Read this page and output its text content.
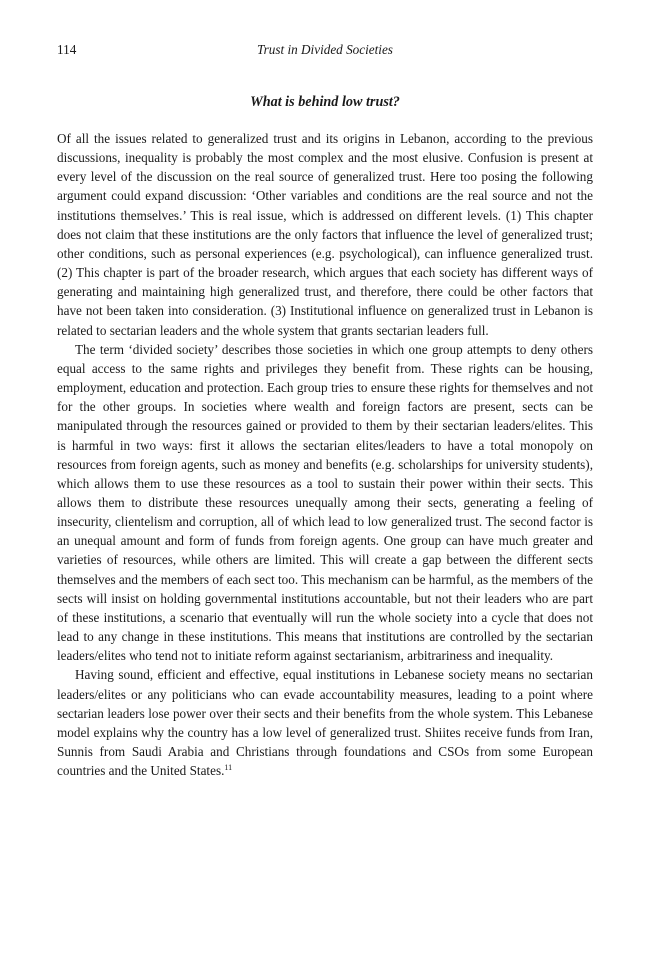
114	Trust in Divided Societies
What is behind low trust?

Of all the issues related to generalized trust and its origins in Lebanon, according to the previous discussions, inequality is probably the most complex and the most elusive. Confusion is present at every level of the discussion on the real source of generalized trust. Here too posing the following argument could expand discussion: ‘Other variables and conditions are the real source and not the institutions themselves.’ This is real issue, which is addressed on different levels. (1) This chapter does not claim that these institutions are the only factors that influence the level of generalized trust; other conditions, such as personal experiences (e.g. psychological), can influence generalized trust. (2) This chapter is part of the broader research, which argues that each society has different ways of generating and maintaining high generalized trust, and therefore, there could be other factors that have not been taken into consideration. (3) Institutional influence on generalized trust in Lebanon is related to sectarian leaders and the whole system that grants sectarian leaders full.

The term ‘divided society’ describes those societies in which one group attempts to deny others equal access to the same rights and privileges they benefit from. These rights can be housing, employment, education and protection. Each group tries to ensure these rights for themselves and not for the other groups. In societies where wealth and foreign factors are present, sects can be manipulated through the resources gained or provided to them by their sectarian leaders/elites. This is harmful in two ways: first it allows the sectarian elites/leaders to have a total monopoly on resources from foreign agents, such as money and benefits (e.g. scholarships for university students), which allows them to use these resources as a tool to sustain their power within their sects. This allows them to distribute these resources unequally among their sects, generating a feeling of insecurity, clientelism and corruption, all of which lead to low generalized trust. The second factor is an unequal amount and form of funds from foreign agents. One group can have much greater and varieties of resources, while others are limited. This will create a gap between the different sects themselves and the members of each sect too. This mechanism can be harmful, as the members of the sects will insist on holding governmental institutions accountable, but not their leaders who are part of these institutions, a scenario that eventually will run the whole society into a cycle that does not lead to any change in these institutions. This means that institutions are controlled by the sectarian leaders/elites who tend not to initiate reform against sectarianism, arbitrariness and inequality.

Having sound, efficient and effective, equal institutions in Lebanese society means no sectarian leaders/elites or any politicians who can evade accountability measures, leading to a point where sectarian leaders lose power over their sects and their benefits from the whole system. This Lebanese model explains why the country has a low level of generalized trust. Shiites receive funds from Iran, Sunnis from Saudi Arabia and Christians through foundations and CSOs from some European countries and the United States.$^{11}$
